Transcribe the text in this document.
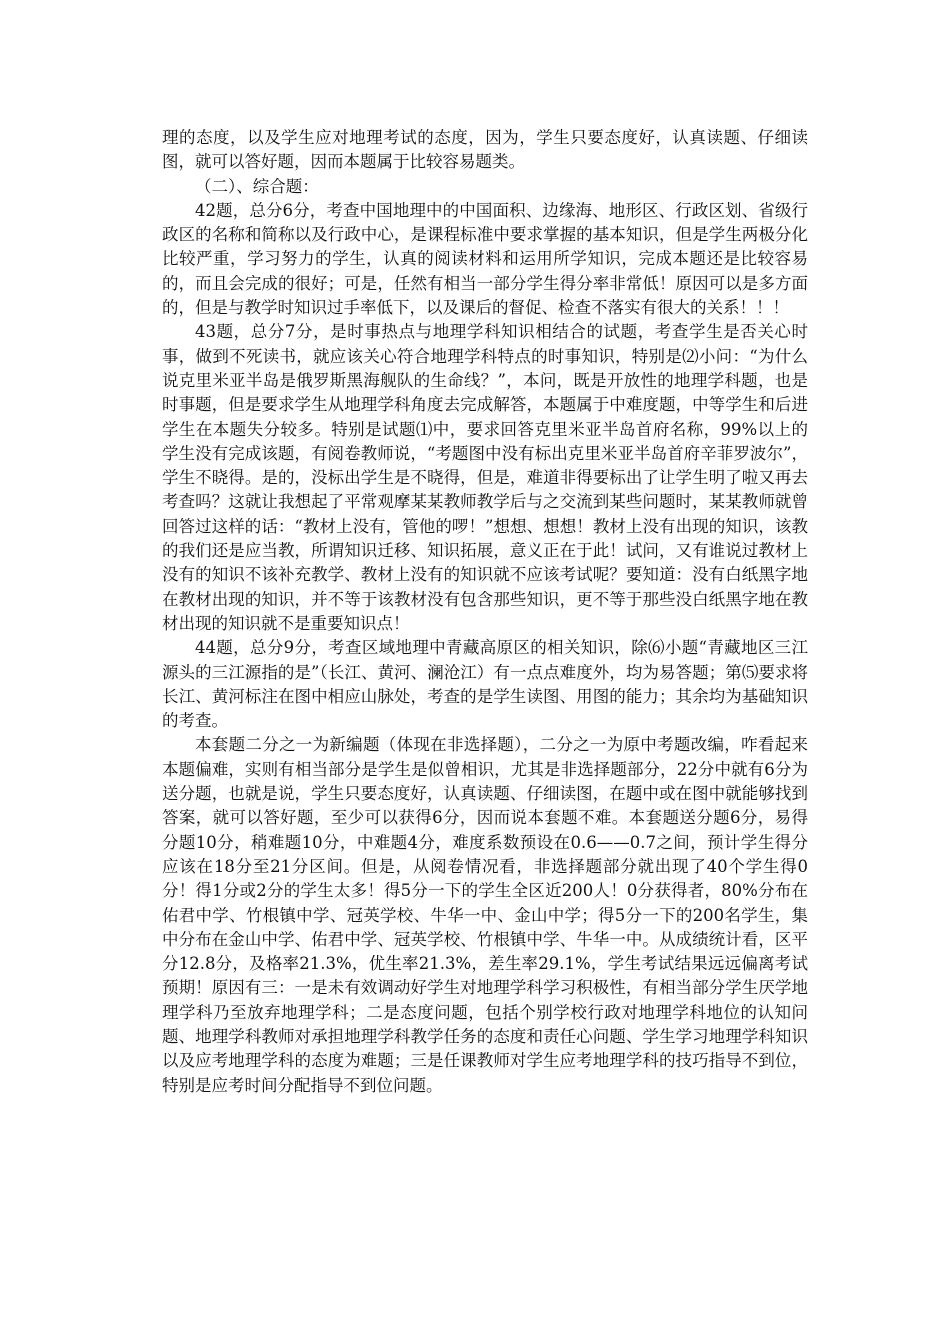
理的态度，以及学生应对地理考试的态度，因为，学生只要态度好，认真读题、仔细读图，就可以答好题，因而本题属于比较容易题类。

（二）、综合题：

42题，总分6分，考查中国地理中的中国面积、边缘海、地形区、行政区划、省级行政区的名称和简称以及行政中心，是课程标准中要求掌握的基本知识，但是学生两极分化比较严重，学习努力的学生，认真的阅读材料和运用所学知识，完成本题还是比较容易的，而且会完成的很好；可是，任然有相当一部分学生得分率非常低！原因可以是多方面的，但是与教学时知识过手率低下，以及课后的督促、检查不落实有很大的关系！！！

43题，总分7分，是时事热点与地理学科知识相结合的试题，考查学生是否关心时事，做到不死读书，就应该关心符合地理学科特点的时事知识，特别是⑵小问：“为什么说克里米亚半岛是俄罗斯黑海舰队的生命线？”，本问，既是开放性的地理学科题，也是时事题，但是要求学生从地理学科角度去完成解答，本题属于中难度题，中等学生和后进学生在本题失分较多。特别是试题⑴中，要求回答克里米亚半岛首府名称，99%以上的学生没有完成该题，有阅卷教师说，“考题图中没有标出克里米亚半岛首府辛菲罗波尔”，学生不晓得。是的，没标出学生是不晓得，但是，难道非得要标出了让学生明了啦又再去考查吗？这就让我想起了平常观摩某某教师教学后与之交流到某些问题时，某某教师就曾回答过这样的话：“教材上没有，管他的啰！”想想、想想！教材上没有出现的知识，该教的我们还是应当教，所谓知识迁移、知识拓展，意义正在于此！试问，又有谁说过教材上没有的知识不该补充教学、教材上没有的知识就不应该考试呢？要知道：没有白纸黑字地在教材出现的知识，并不等于该教材没有包含那些知识，更不等于那些没白纸黑字地在教材出现的知识就不是重要知识点！

44题，总分9分，考查区域地理中青藏高原区的相关知识，除⑹小题“青藏地区三江源头的三江源指的是”（长江、黄河、澜沧江）有一点点难度外，均为易答题；第⑸要求将长江、黄河标注在图中相应山脉处，考查的是学生读图、用图的能力；其余均为基础知识的考查。

本套题二分之一为新编题（体现在非选择题），二分之一为原中考题改编，咋看起来本题偏难，实则有相当部分是学生是似曾相识，尤其是非选择题部分，22分中就有6分为送分题，也就是说，学生只要态度好，认真读题、仔细读图，在题中或在图中就能够找到答案，就可以答好题，至少可以获得6分，因而说本套题不难。本套题送分题6分，易得分题10分，稍难题10分，中难题4分，难度系数预设在0.6——0.7之间，预计学生得分应该在18分至21分区间。但是，从阅卷情况看，非选择题部分就出现了40个学生得0分！得1分或2分的学生太多！得5分一下的学生全区近200人！0分获得者，80%分布在佑君中学、竹根镇中学、冠英学校、牛华一中、金山中学；得5分一下的200名学生，集中分布在金山中学、佑君中学、冠英学校、竹根镇中学、牛华一中。从成绩统计看，区平分12.8分，及格率21.3%，优生率21.3%，差生率29.1%，学生考试结果远远偏离考试预期！原因有三：一是未有效调动好学生对地理学科学习积极性，有相当部分学生厌学地理学科乃至放弃地理学科；二是态度问题，包括个别学校行政对地理学科地位的认知问题、地理学科教师对承担地理学科教学任务的态度和责任心问题、学生学习地理学科知识以及应考地理学科的态度为难题；三是任课教师对学生应考地理学科的技巧指导不到位，特别是应考时间分配指导不到位问题。
